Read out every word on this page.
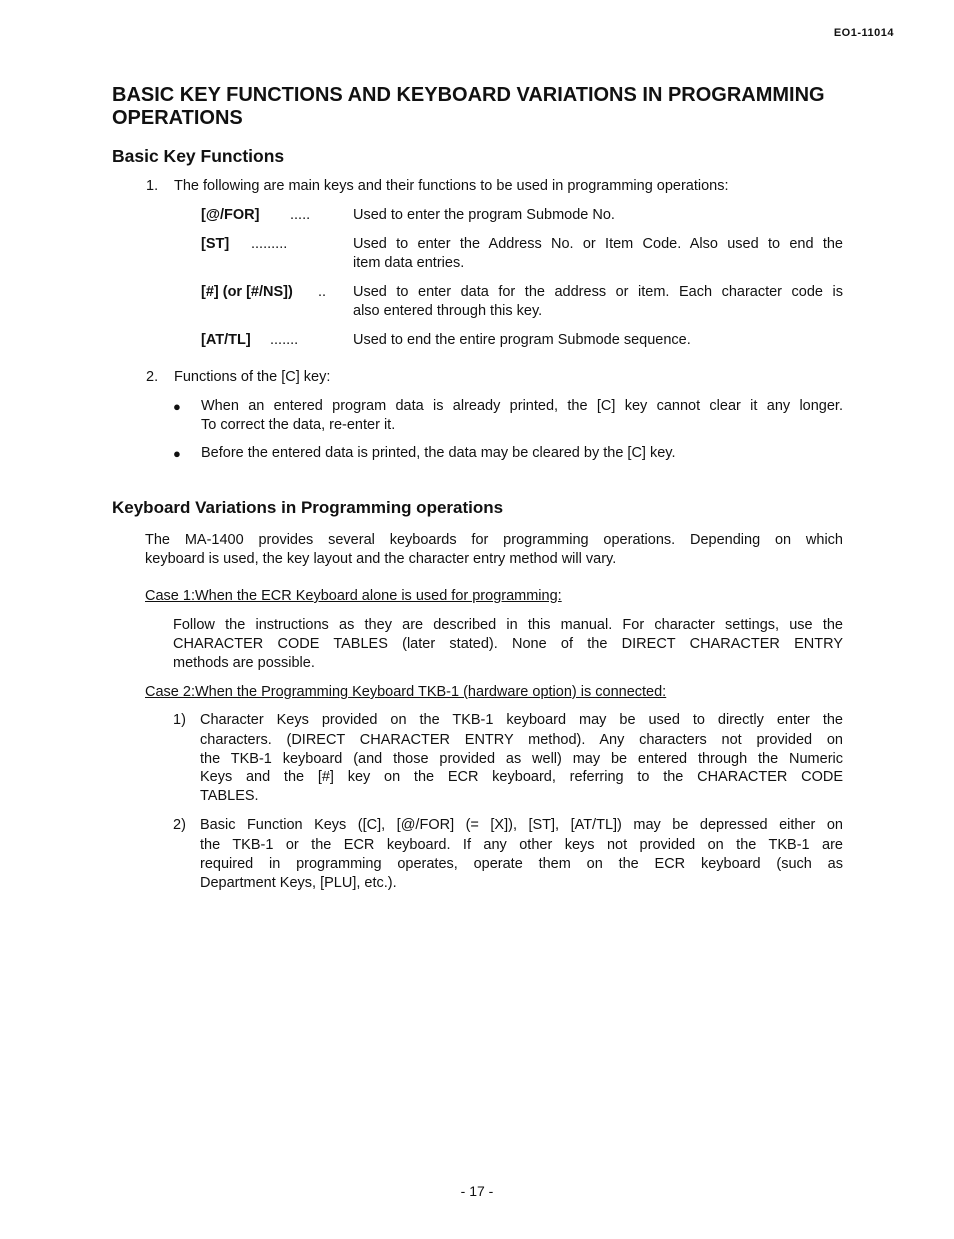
EO1-11014
BASIC KEY FUNCTIONS AND KEYBOARD VARIATIONS IN PROGRAMMING OPERATIONS
Basic Key Functions
1. The following are main keys and their functions to be used in programming operations:
[@/FOR] .....	Used to enter the program Submode No.
[ST] .........	Used to enter the Address No. or Item Code. Also used to end the
item data entries.
[#] (or [#/NS]) .. Used to enter data for the address or item. Each character code is
also entered through this key.
[AT/TL] .......	Used to end the entire program Submode sequence.
2. Functions of the [C] key:
● When an entered program data is already printed, the [C] key cannot clear it any longer.
To correct the data, re-enter it.
● Before the entered data is printed, the data may be cleared by the [C] key.
Keyboard Variations in Programming operations
The MA-1400 provides several keyboards for programming operations. Depending on which
keyboard is used, the key layout and the character entry method will vary.
Case 1:When the ECR Keyboard alone is used for programming:
Follow the instructions as they are described in this manual. For character settings, use the
CHARACTER CODE TABLES (later stated). None of the DIRECT CHARACTER ENTRY
methods are possible.
Case 2:When the Programming Keyboard TKB-1 (hardware option) is connected:
1) Character Keys provided on the TKB-1 keyboard may be used to directly enter the
characters. (DIRECT CHARACTER ENTRY method). Any characters not provided on
the TKB-1 keyboard (and those provided as well) may be entered through the Numeric
Keys and the [#] key on the ECR keyboard, referring to the CHARACTER CODE
TABLES.
2) Basic Function Keys ([C], [@/FOR] (= [X]), [ST], [AT/TL]) may be depressed either on
the TKB-1 or the ECR keyboard. If any other keys not provided on the TKB-1 are
required in programming operates, operate them on the ECR keyboard (such as
Department Keys, [PLU], etc.).
- 17 -
